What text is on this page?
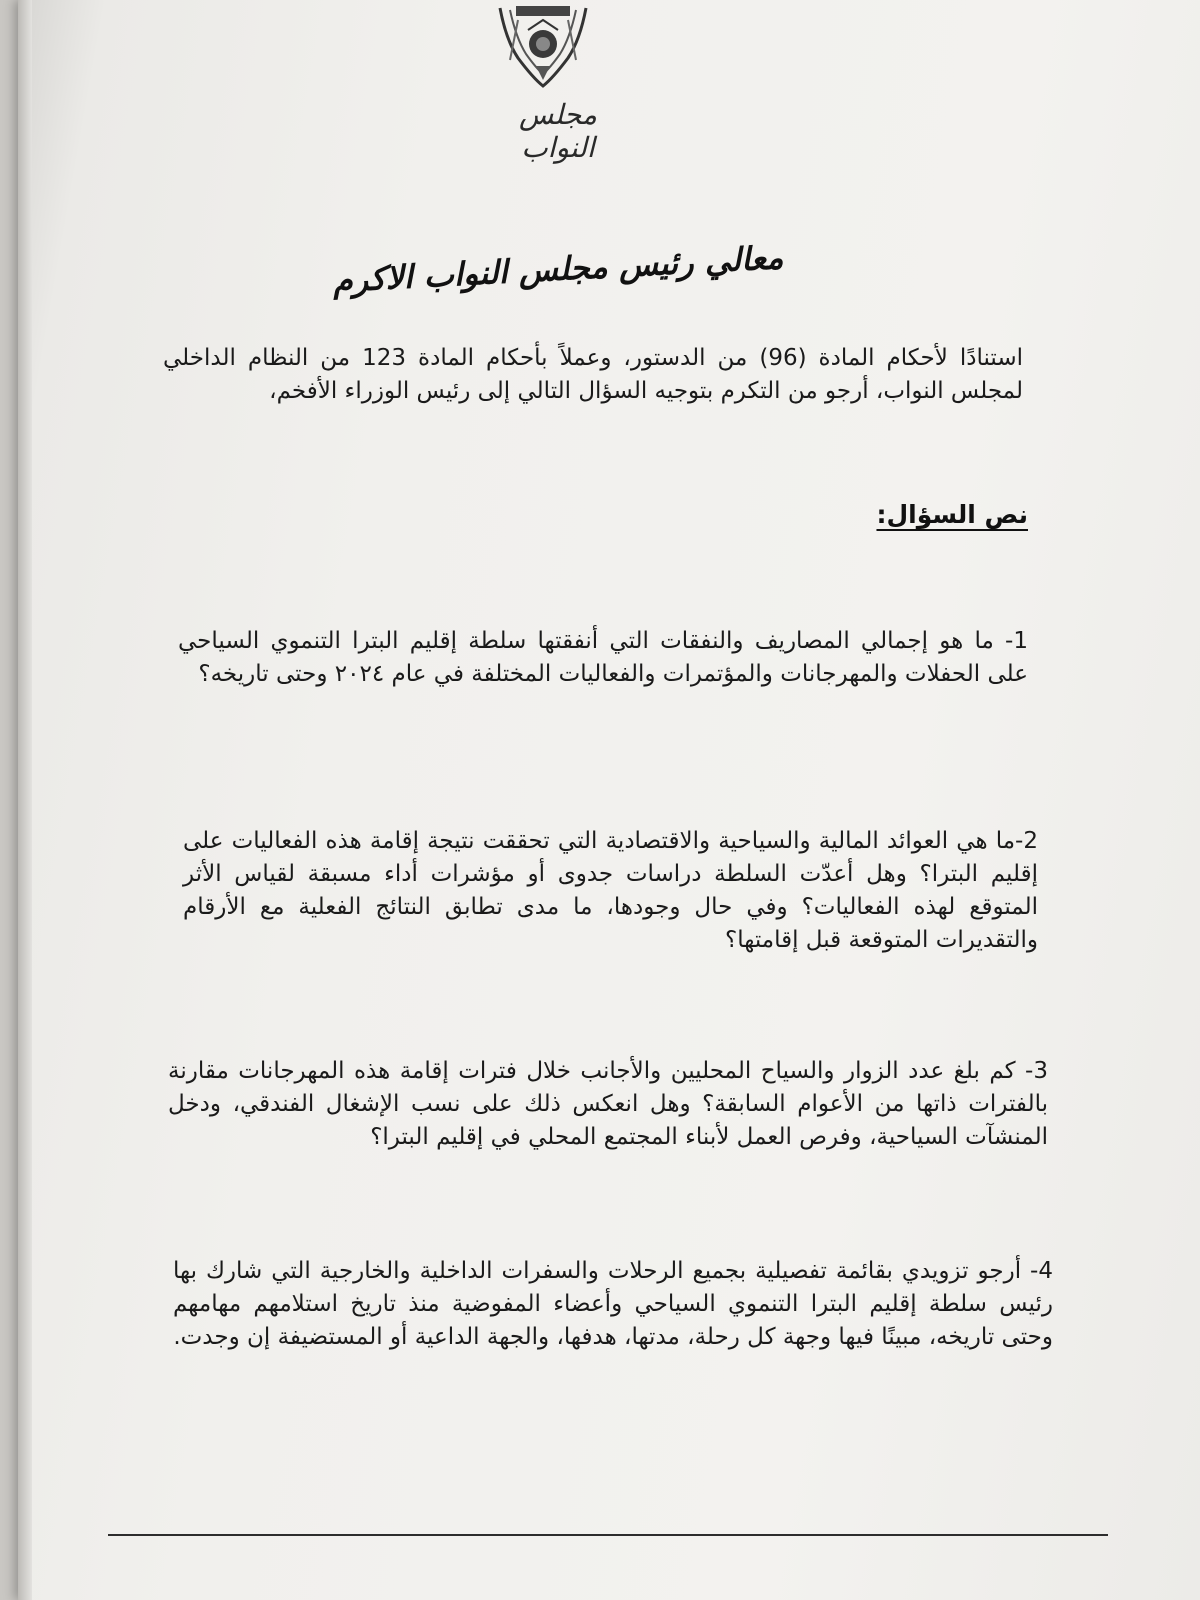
مجلس النواب
معالي رئيس مجلس النواب الاكرم
استنادًا لأحكام المادة (96) من الدستور، وعملاً بأحكام المادة 123 من النظام الداخلي لمجلس النواب، أرجو من التكرم بتوجيه السؤال التالي إلى رئيس الوزراء الأفخم،
نص السؤال:
1- ما هو إجمالي المصاريف والنفقات التي أنفقتها سلطة إقليم البترا التنموي السياحي على الحفلات والمهرجانات والمؤتمرات والفعاليات المختلفة في عام ٢٠٢٤ وحتى تاريخه؟
2-ما هي العوائد المالية والسياحية والاقتصادية التي تحققت نتيجة إقامة هذه الفعاليات على إقليم البترا؟ وهل أعدّت السلطة دراسات جدوى أو مؤشرات أداء مسبقة لقياس الأثر المتوقع لهذه الفعاليات؟ وفي حال وجودها، ما مدى تطابق النتائج الفعلية مع الأرقام والتقديرات المتوقعة قبل إقامتها؟
3- كم بلغ عدد الزوار والسياح المحليين والأجانب خلال فترات إقامة هذه المهرجانات مقارنة بالفترات ذاتها من الأعوام السابقة؟ وهل انعكس ذلك على نسب الإشغال الفندقي، ودخل المنشآت السياحية، وفرص العمل لأبناء المجتمع المحلي في إقليم البترا؟
4- أرجو تزويدي بقائمة تفصيلية بجميع الرحلات والسفرات الداخلية والخارجية التي شارك بها رئيس سلطة إقليم البترا التنموي السياحي وأعضاء المفوضية منذ تاريخ استلامهم مهامهم وحتى تاريخه، مبينًا فيها وجهة كل رحلة، مدتها، هدفها، والجهة الداعية أو المستضيفة إن وجدت.
